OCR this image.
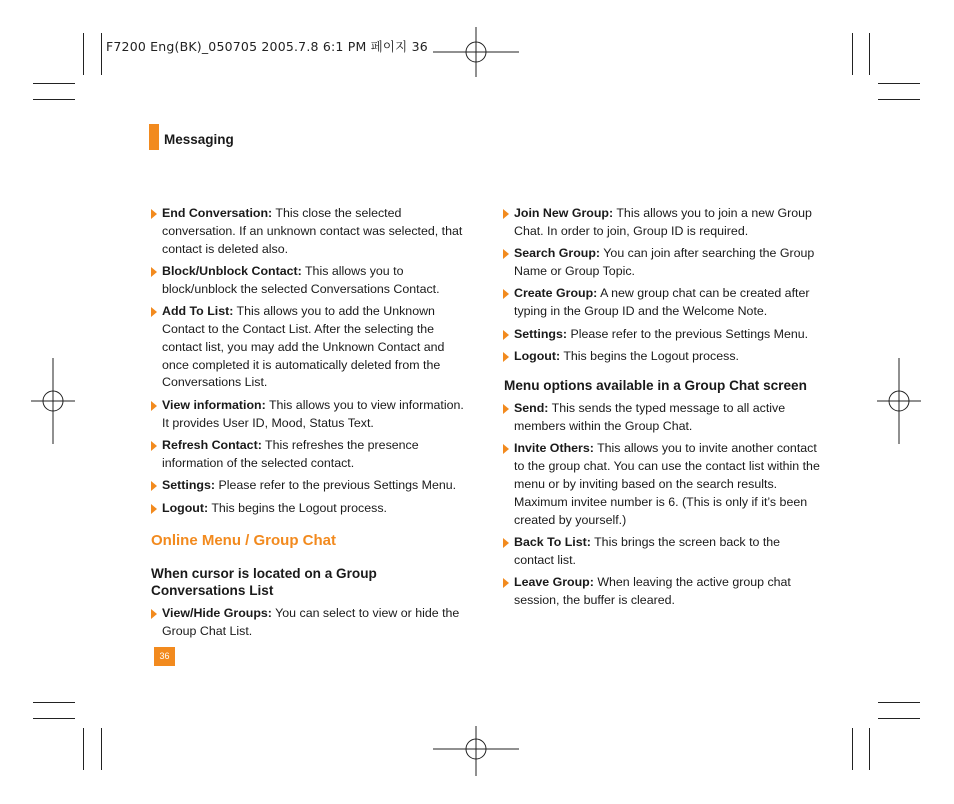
F7200 Eng(BK)_050705 2005.7.8 6:1 PM 페이지 36
Messaging
End Conversation: This close the selected conversation. If an unknown contact was selected, that contact is deleted also.
Block/Unblock Contact: This allows you to block/unblock the selected Conversations Contact.
Add To List: This allows you to add the Unknown Contact to the Contact List. After the selecting the contact list, you may add the Unknown Contact and once completed it is automatically deleted from the Conversations List.
View information: This allows you to view information. It provides User ID, Mood, Status Text.
Refresh Contact: This refreshes the presence information of the selected contact.
Settings: Please refer to the previous Settings Menu.
Logout: This begins the Logout process.
Online Menu / Group Chat
When cursor is located on a Group Conversations List
View/Hide Groups: You can select to view or hide the Group Chat List.
Join New Group: This allows you to join a new Group Chat. In order to join, Group ID is required.
Search Group: You can join after searching the Group Name or Group Topic.
Create Group: A new group chat can be created after typing in the Group ID and the Welcome Note.
Settings: Please refer to the previous Settings Menu.
Logout: This begins the Logout process.
Menu options available in a Group Chat screen
Send: This sends the typed message to all active members within the Group Chat.
Invite Others: This allows you to invite another contact to the group chat. You can use the contact list within the menu or by inviting based on the search results. Maximum invitee number is 6. (This is only if it’s been created by yourself.)
Back To List: This brings the screen back to the contact list.
Leave Group: When leaving the active group chat session, the buffer is cleared.
36
